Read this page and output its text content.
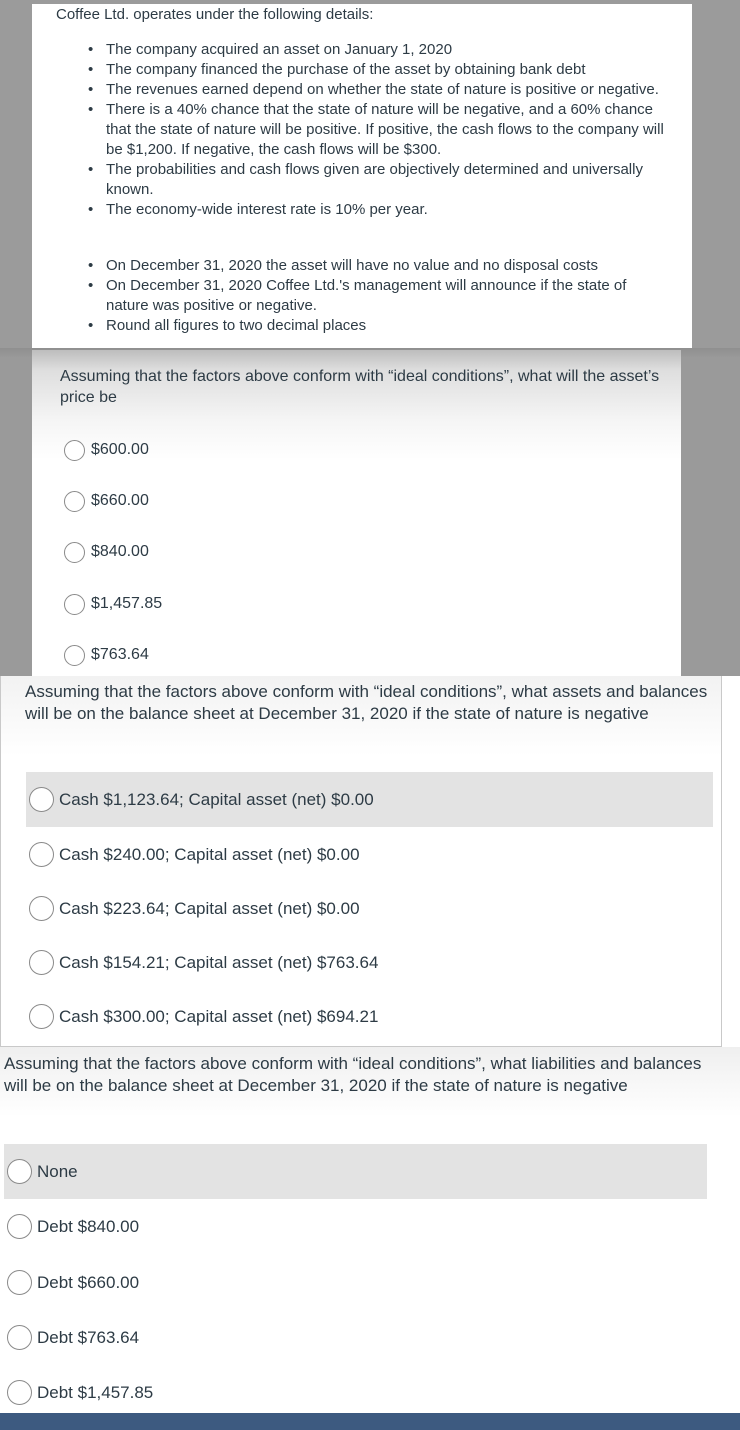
Coffee Ltd. operates under the following details:

• The company acquired an asset on January 1, 2020
• The company financed the purchase of the asset by obtaining bank debt
• The revenues earned depend on whether the state of nature is positive or negative.
• There is a 40% chance that the state of nature will be negative, and a 60% chance that the state of nature will be positive. If positive, the cash flows to the company will be $1,200. If negative, the cash flows will be $300.
• The probabilities and cash flows given are objectively determined and universally known.
• The economy-wide interest rate is 10% per year.
• On December 31, 2020 the asset will have no value and no disposal costs
• On December 31, 2020 Coffee Ltd.'s management will announce if the state of nature was positive or negative.
• Round all figures to two decimal places

Assuming that the factors above conform with “ideal conditions”, what will the asset’s price be

$600.00
$660.00
$840.00
$1,457.85
$763.64

Assuming that the factors above conform with “ideal conditions”, what assets and balances will be on the balance sheet at December 31, 2020 if the state of nature is negative

Cash $1,123.64; Capital asset (net) $0.00
Cash $240.00; Capital asset (net) $0.00
Cash $223.64; Capital asset (net) $0.00
Cash $154.21; Capital asset (net) $763.64
Cash $300.00; Capital asset (net) $694.21

Assuming that the factors above conform with “ideal conditions”, what liabilities and balances will be on the balance sheet at December 31, 2020 if the state of nature is negative

None
Debt $840.00
Debt $660.00
Debt $763.64
Debt $1,457.85
